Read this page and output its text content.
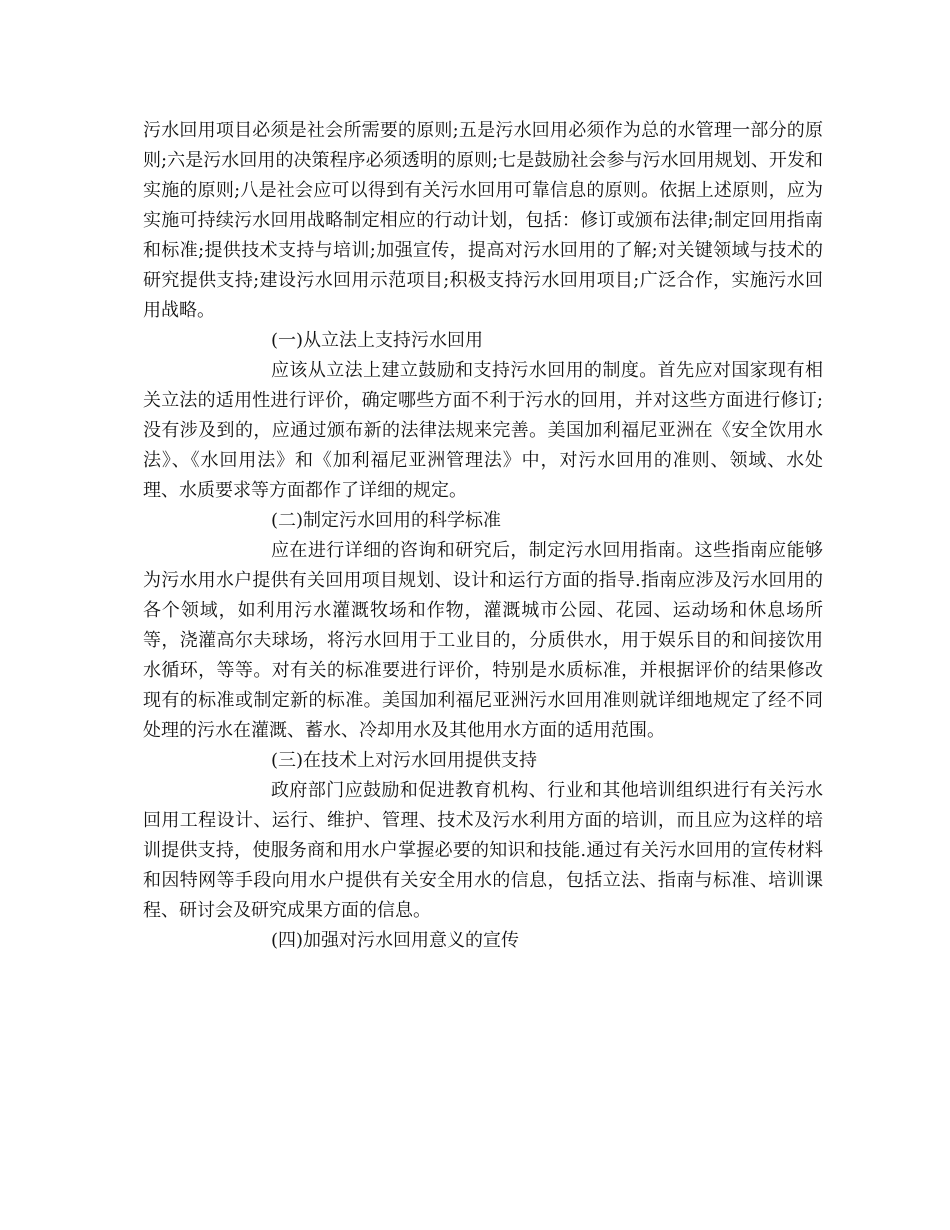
污水回用项目必须是社会所需要的原则;五是污水回用必须作为总的水管理一部分的原则;六是污水回用的决策程序必须透明的原则;七是鼓励社会参与污水回用规划、开发和实施的原则;八是社会应可以得到有关污水回用可靠信息的原则。依据上述原则，应为实施可持续污水回用战略制定相应的行动计划，包括：修订或颁布法律;制定回用指南和标准;提供技术支持与培训;加强宣传，提高对污水回用的了解;对关键领域与技术的研究提供支持;建设污水回用示范项目;积极支持污水回用项目;广泛合作，实施污水回用战略。

(一)从立法上支持污水回用

应该从立法上建立鼓励和支持污水回用的制度。首先应对国家现有相关立法的适用性进行评价，确定哪些方面不利于污水的回用，并对这些方面进行修订;没有涉及到的，应通过颁布新的法律法规来完善。美国加利福尼亚洲在《安全饮用水法》、《水回用法》和《加利福尼亚洲管理法》中，对污水回用的准则、领域、水处理、水质要求等方面都作了详细的规定。

(二)制定污水回用的科学标准

应在进行详细的咨询和研究后，制定污水回用指南。这些指南应能够为污水用水户提供有关回用项目规划、设计和运行方面的指导.指南应涉及污水回用的各个领域，如利用污水灌溉牧场和作物，灌溉城市公园、花园、运动场和休息场所等，浇灌高尔夫球场，将污水回用于工业目的，分质供水，用于娱乐目的和间接饮用水循环，等等。对有关的标准要进行评价，特别是水质标准，并根据评价的结果修改现有的标准或制定新的标准。美国加利福尼亚洲污水回用准则就详细地规定了经不同处理的污水在灌溉、蓄水、冷却用水及其他用水方面的适用范围。

(三)在技术上对污水回用提供支持

政府部门应鼓励和促进教育机构、行业和其他培训组织进行有关污水回用工程设计、运行、维护、管理、技术及污水利用方面的培训，而且应为这样的培训提供支持，使服务商和用水户掌握必要的知识和技能.通过有关污水回用的宣传材料和因特网等手段向用水户提供有关安全用水的信息，包括立法、指南与标准、培训课程、研讨会及研究成果方面的信息。

(四)加强对污水回用意义的宣传
